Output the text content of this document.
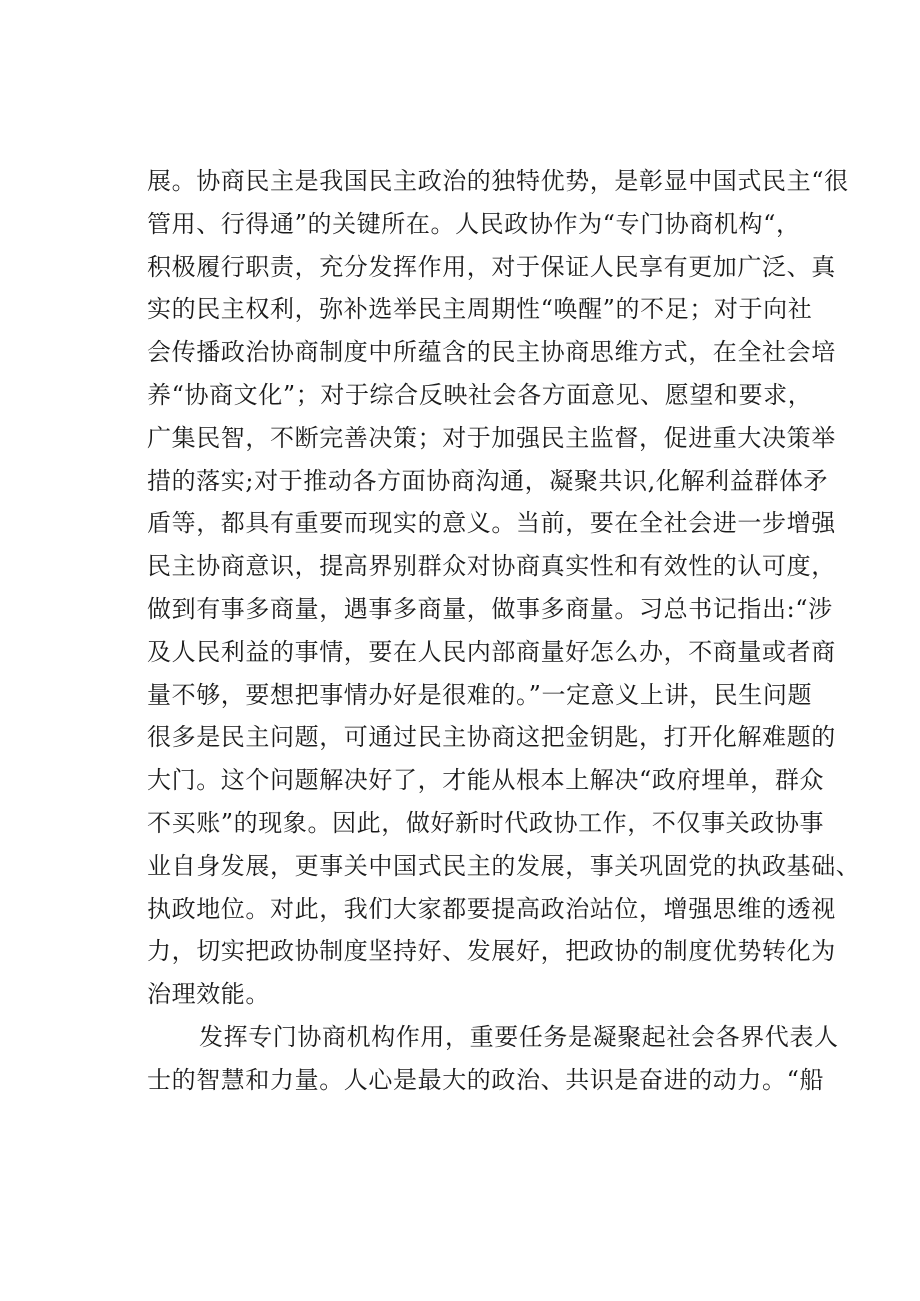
展。协商民主是我国民主政治的独特优势，是彰显中国式民主“很
管用、行得通”的关键所在。人民政协作为“专门协商机构“，
积极履行职责，充分发挥作用，对于保证人民享有更加广泛、真
实的民主权利，弥补选举民主周期性“唤醒”的不足；对于向社
会传播政治协商制度中所蕴含的民主协商思维方式，在全社会培
养“协商文化”；对于综合反映社会各方面意见、愿望和要求，
广集民智，不断完善决策；对于加强民主监督，促进重大决策举
措的落实;对于推动各方面协商沟通，凝聚共识,化解利益群体矛
盾等，都具有重要而现实的意义。当前，要在全社会进一步增强
民主协商意识，提高界别群众对协商真实性和有效性的认可度，
做到有事多商量，遇事多商量，做事多商量。习总书记指出:“涉
及人民利益的事情，要在人民内部商量好怎么办，不商量或者商
量不够，要想把事情办好是很难的。”一定意义上讲，民生问题
很多是民主问题，可通过民主协商这把金钥匙，打开化解难题的
大门。这个问题解决好了，才能从根本上解决“政府埋单，群众
不买账”的现象。因此，做好新时代政协工作，不仅事关政协事
业自身发展，更事关中国式民主的发展，事关巩固党的执政基础、
执政地位。对此，我们大家都要提高政治站位，增强思维的透视
力，切实把政协制度坚持好、发展好，把政协的制度优势转化为
治理效能。
发挥专门协商机构作用，重要任务是凝聚起社会各界代表人
士的智慧和力量。人心是最大的政治、共识是奋进的动力。“船
